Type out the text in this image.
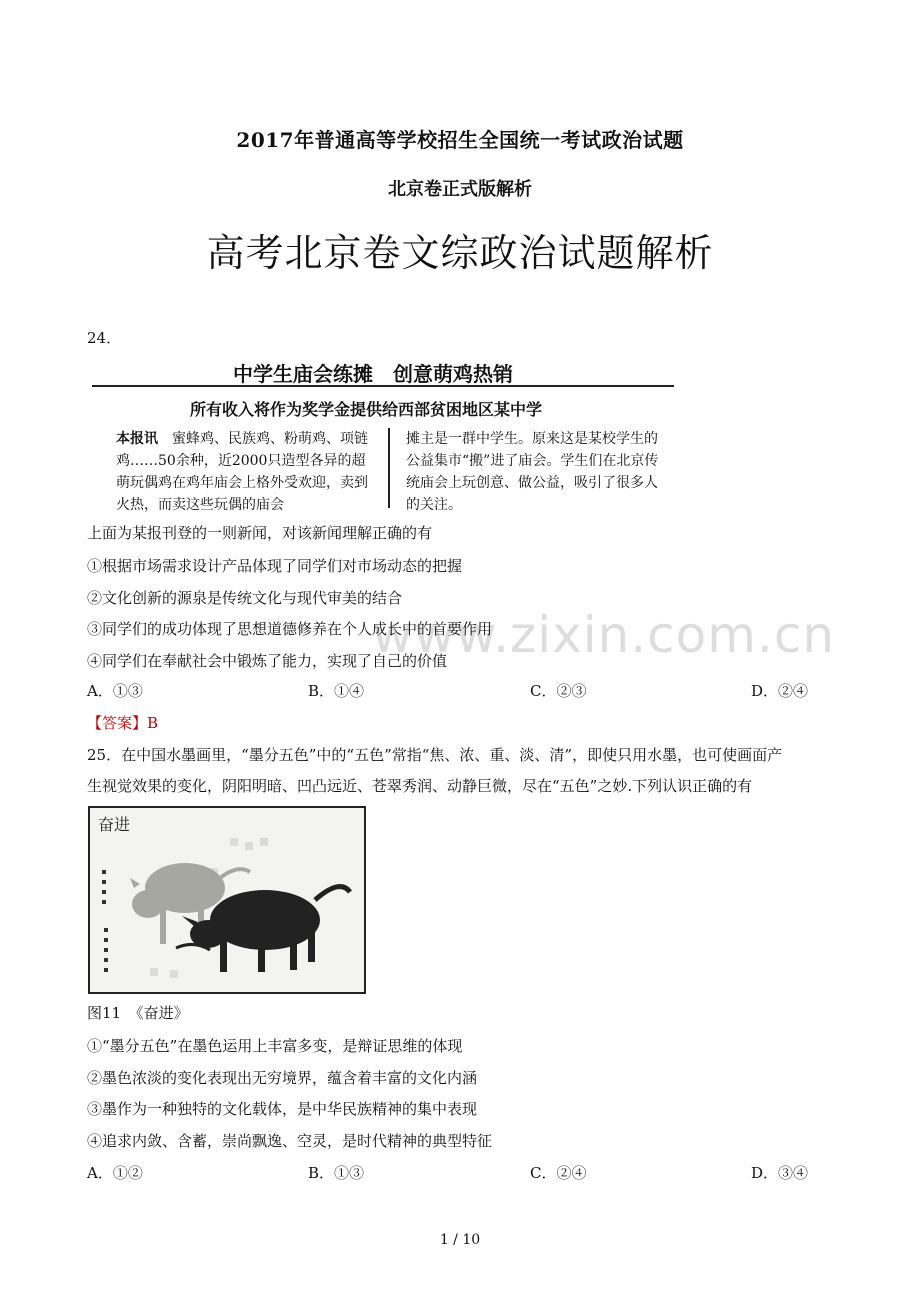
2017年普通高等学校招生全国统一考试政治试题
北京卷正式版解析
高考北京卷文综政治试题解析
www.zixin.com.cn
24．
中学生庙会练摊　创意萌鸡热销
所有收入将作为奖学金提供给西部贫困地区某中学
本报讯　蜜蜂鸡、民族鸡、粉萌鸡、项链鸡……50余种，近2000只造型各异的超萌玩偶鸡在鸡年庙会上格外受欢迎，卖到火热，而卖这些玩偶的庙会
摊主是一群中学生。原来这是某校学生的公益集市“搬”进了庙会。学生们在北京传统庙会上玩创意、做公益，吸引了很多人的关注。
上面为某报刊登的一则新闻，对该新闻理解正确的有
①根据市场需求设计产品体现了同学们对市场动态的把握
②文化创新的源泉是传统文化与现代审美的结合
③同学们的成功体现了思想道德修养在个人成长中的首要作用
④同学们在奉献社会中锻炼了能力，实现了自己的价值
A．①③	B．①④	C．②③	D．②④
【答案】B
25．在中国水墨画里，“墨分五色”中的“五色”常指“焦、浓、重、淡、清”，即使只用水墨，也可使画面产
生视觉效果的变化，阴阳明暗、凹凸远近、苍翠秀润、动静巨微，尽在“五色”之妙.下列认识正确的有
奋进
图11　《奋进》
①“墨分五色”在墨色运用上丰富多变，是辩证思维的体现
②墨色浓淡的变化表现出无穷境界，蕴含着丰富的文化内涵
③墨作为一种独特的文化载体，是中华民族精神的集中表现
④追求内敛、含蓄，崇尚飘逸、空灵，是时代精神的典型特征
A．①②	B．①③	C．②④	D．③④
1 / 10
